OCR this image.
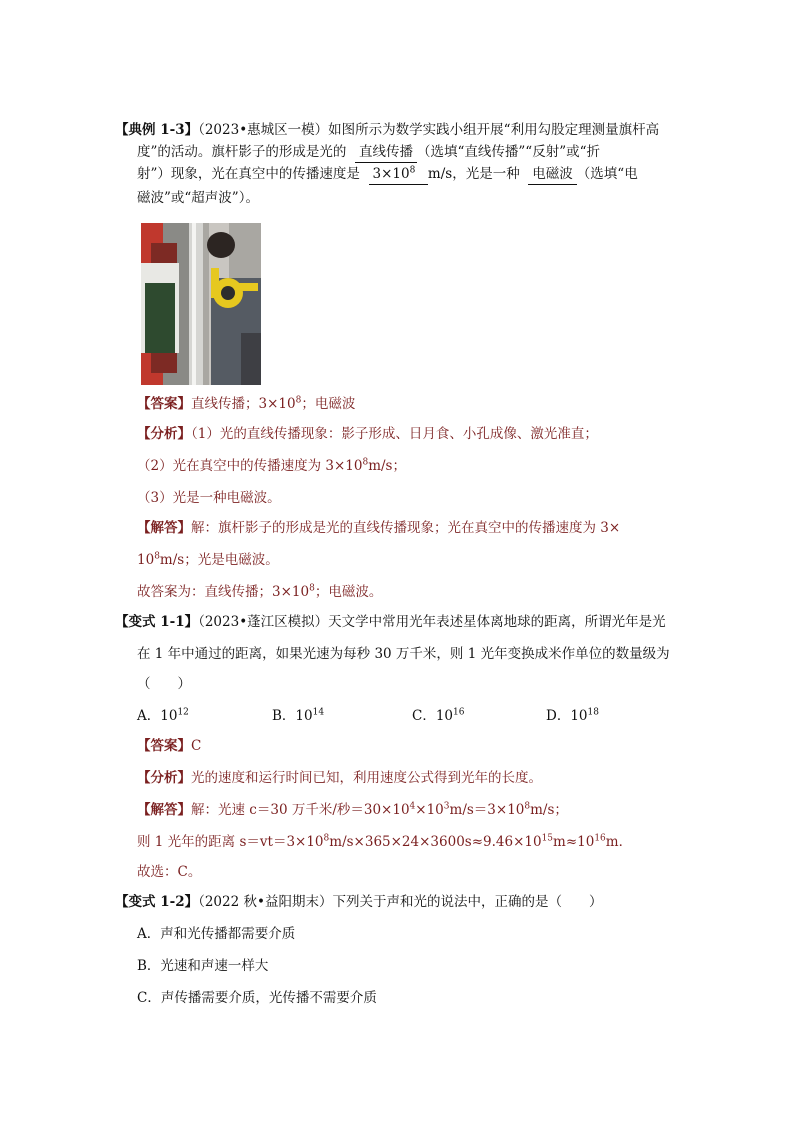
【典例 1-3】（2023•惠城区一模）如图所示为数学实践小组开展“利用勾股定理测量旗杆高
度”的活动。旗杆影子的形成是光的 直线传播 （选填“直线传播”“反射”或“折
射”）现象，光在真空中的传播速度是 $3\times 10^8$ m/s，光是一种 电磁波 （选填“电
磁波”或“超声波”）。
【答案】直线传播；$3\times 10^8$；电磁波
【分析】（1）光的直线传播现象：影子形成、日月食、小孔成像、激光准直；
（2）光在真空中的传播速度为 $3\times 10^8m/s$；
（3）光是一种电磁波。
【解答】解：旗杆影子的形成是光的直线传播现象；光在真空中的传播速度为 3×
$10^8m/s$；光是电磁波。
故答案为：直线传播；$3\times 10^8$；电磁波。
【变式 1-1】（2023•蓬江区模拟）天文学中常用光年表述星体离地球的距离，所谓光年是光
在 1 年中通过的距离，如果光速为每秒 30 万千米，则 1 光年变换成米作单位的数量级为
（　　）
A．$10^{12}$	B．$10^{14}$	C．$10^{16}$	D．$10^{18}$
【答案】C
【分析】光的速度和运行时间已知，利用速度公式得到光年的长度。
【解答】解：光速 c＝30 万千米/秒$=30\times 10^4\times 10^3m/s=3\times 10^8m/s$；
则 1 光年的距离 $s=vt=3\times 10^8m/s\times 365\times 24\times 3600s\approx 9.46\times 10^{15}m\approx 10^{16}m$．
故选：C。
【变式 1-2】（2022 秋•益阳期末）下列关于声和光的说法中，正确的是（　　）
A．声和光传播都需要介质
B．光速和声速一样大
C．声传播需要介质，光传播不需要介质
